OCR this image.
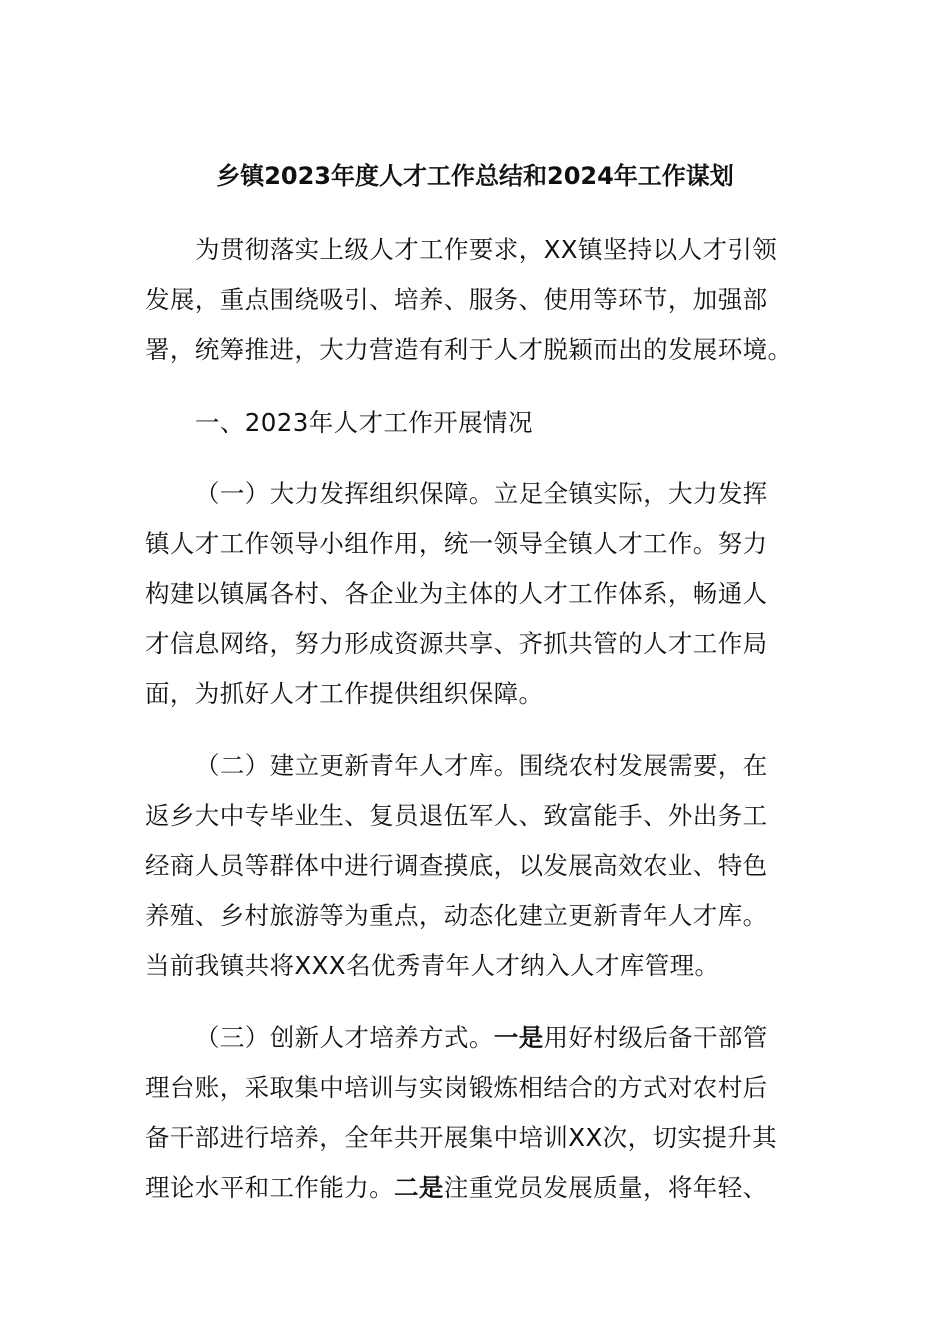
乡镇2023年度人才工作总结和2024年工作谋划
为贯彻落实上级人才工作要求，XX镇坚持以人才引领
发展，重点围绕吸引、培养、服务、使用等环节，加强部
署，统筹推进，大力营造有利于人才脱颖而出的发展环境。
一、2023年人才工作开展情况
（一）大力发挥组织保障。立足全镇实际，大力发挥
镇人才工作领导小组作用，统一领导全镇人才工作。努力
构建以镇属各村、各企业为主体的人才工作体系，畅通人
才信息网络，努力形成资源共享、齐抓共管的人才工作局
面，为抓好人才工作提供组织保障。
（二）建立更新青年人才库。围绕农村发展需要，在
返乡大中专毕业生、复员退伍军人、致富能手、外出务工
经商人员等群体中进行调查摸底，以发展高效农业、特色
养殖、乡村旅游等为重点，动态化建立更新青年人才库。
当前我镇共将XXX名优秀青年人才纳入人才库管理。
（三）创新人才培养方式。一是用好村级后备干部管
理台账，采取集中培训与实岗锻炼相结合的方式对农村后
备干部进行培养，全年共开展集中培训XX次，切实提升其
理论水平和工作能力。二是注重党员发展质量，将年轻、
